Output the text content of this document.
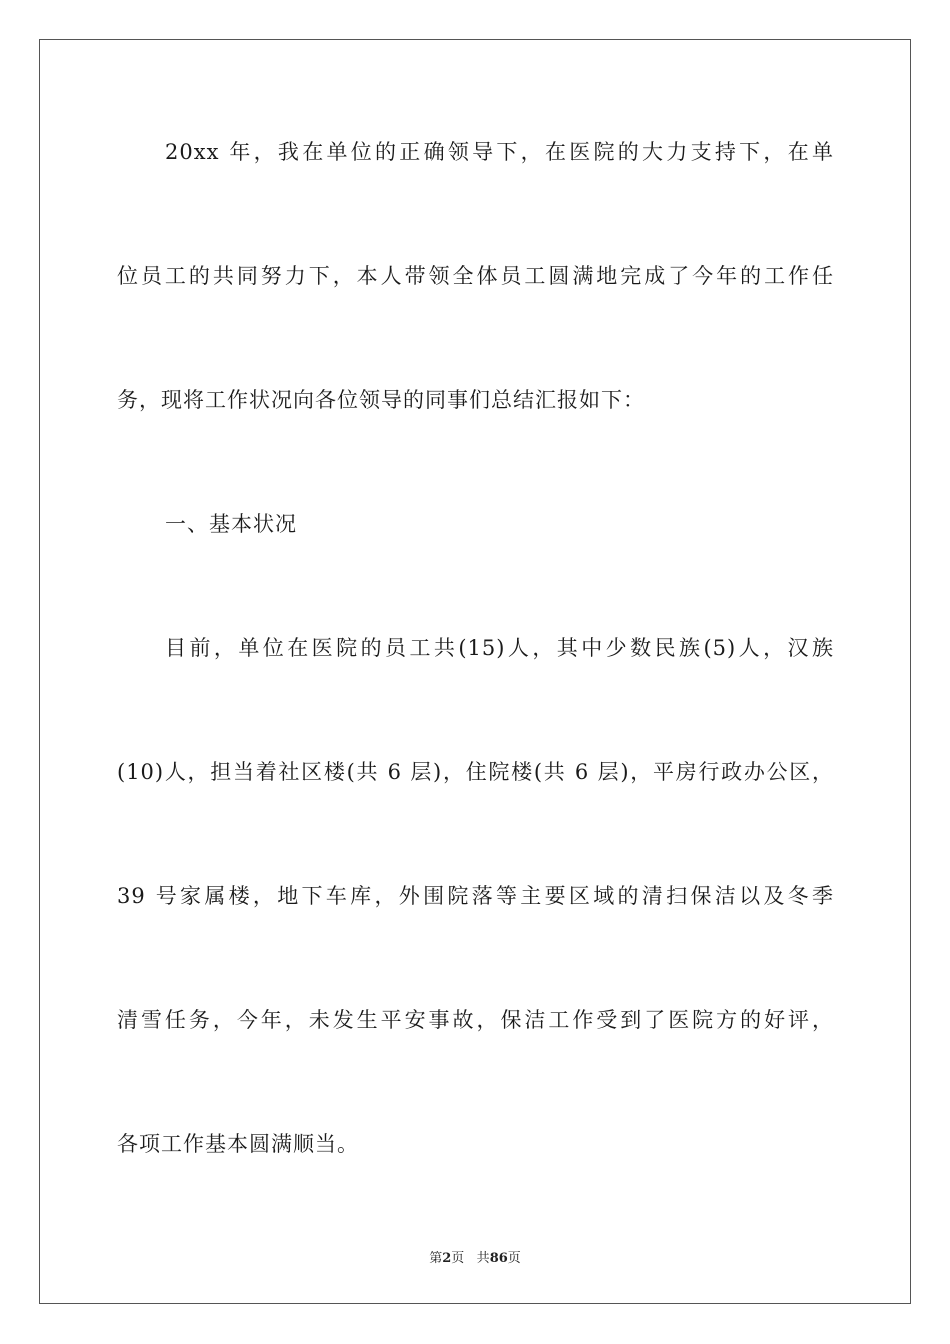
20xx 年，我在单位的正确领导下，在医院的大力支持下，在单
位员工的共同努力下，本人带领全体员工圆满地完成了今年的工作任
务，现将工作状况向各位领导的同事们总结汇报如下：
一、基本状况
目前，单位在医院的员工共(15)人，其中少数民族(5)人，汉族
(10)人，担当着社区楼(共 6 层)，住院楼(共 6 层)，平房行政办公区，
39 号家属楼，地下车库，外围院落等主要区域的清扫保洁以及冬季
清雪任务，今年，未发生平安事故，保洁工作受到了医院方的好评，
各项工作基本圆满顺当。
第2页 共86页
